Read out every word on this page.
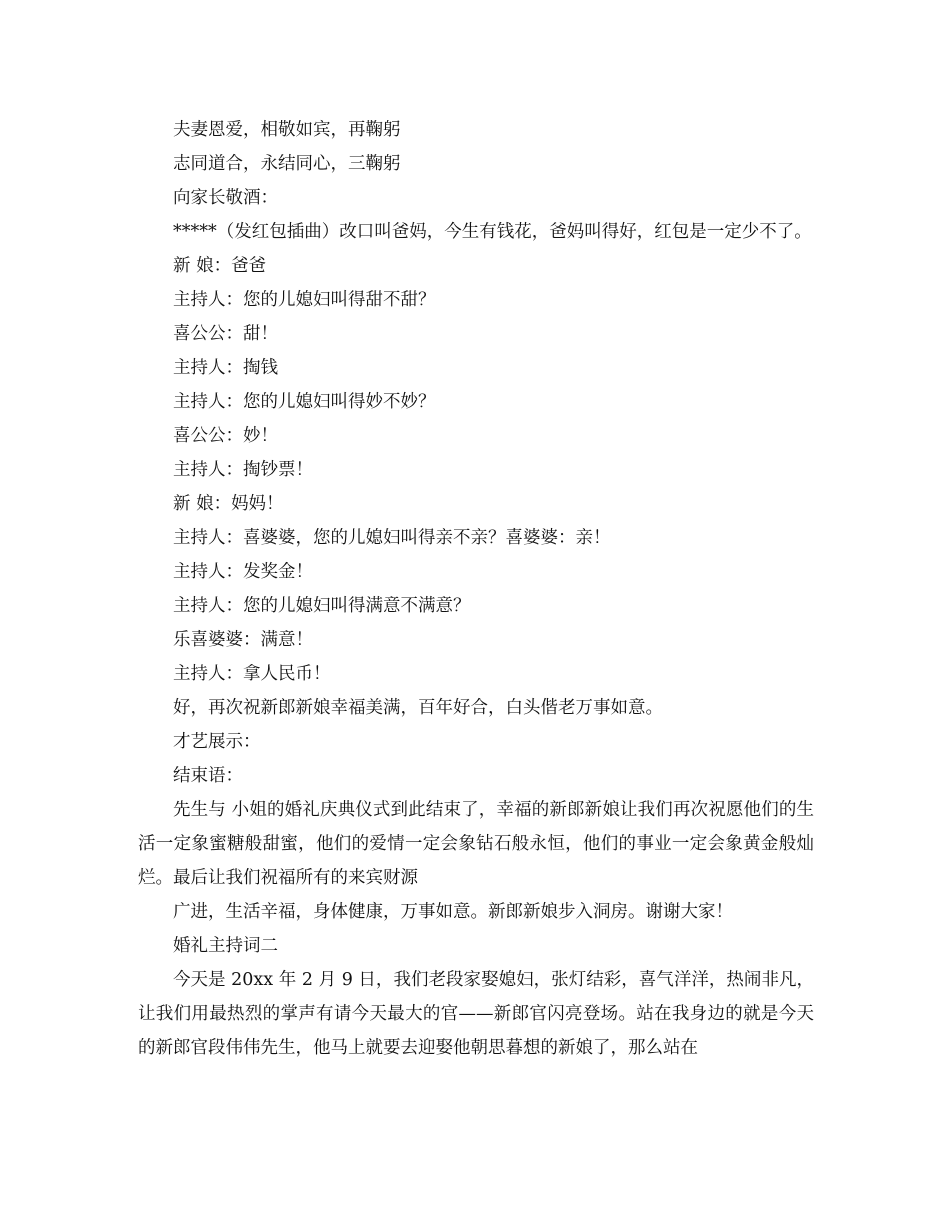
夫妻恩爱，相敬如宾，再鞠躬

志同道合，永结同心，三鞠躬

向家长敬酒：

*****（发红包插曲）改口叫爸妈，今生有钱花，爸妈叫得好，红包是一定少不了。

新 娘：爸爸

主持人：您的儿媳妇叫得甜不甜？

喜公公：甜！

主持人：掏钱

主持人：您的儿媳妇叫得妙不妙？

喜公公：妙！

主持人：掏钞票！

新 娘：妈妈！

主持人：喜婆婆，您的儿媳妇叫得亲不亲？喜婆婆：亲！

主持人：发奖金！

主持人：您的儿媳妇叫得满意不满意？

乐喜婆婆：满意！

主持人：拿人民币！

好，再次祝新郎新娘幸福美满，百年好合，白头偕老万事如意。

才艺展示：

结束语：

先生与 小姐的婚礼庆典仪式到此结束了，幸福的新郎新娘让我们再次祝愿他们的生活一定象蜜糖般甜蜜，他们的爱情一定会象钻石般永恒，他们的事业一定会象黄金般灿烂。最后让我们祝福所有的来宾财源

广进，生活辛福，身体健康，万事如意。新郎新娘步入洞房。谢谢大家！

婚礼主持词二

今天是 20xx 年 2 月 9 日，我们老段家娶媳妇，张灯结彩，喜气洋洋，热闹非凡，让我们用最热烈的掌声有请今天最大的官——新郎官闪亮登场。站在我身边的就是今天的新郎官段伟伟先生，他马上就要去迎娶他朝思暮想的新娘了，那么站在
